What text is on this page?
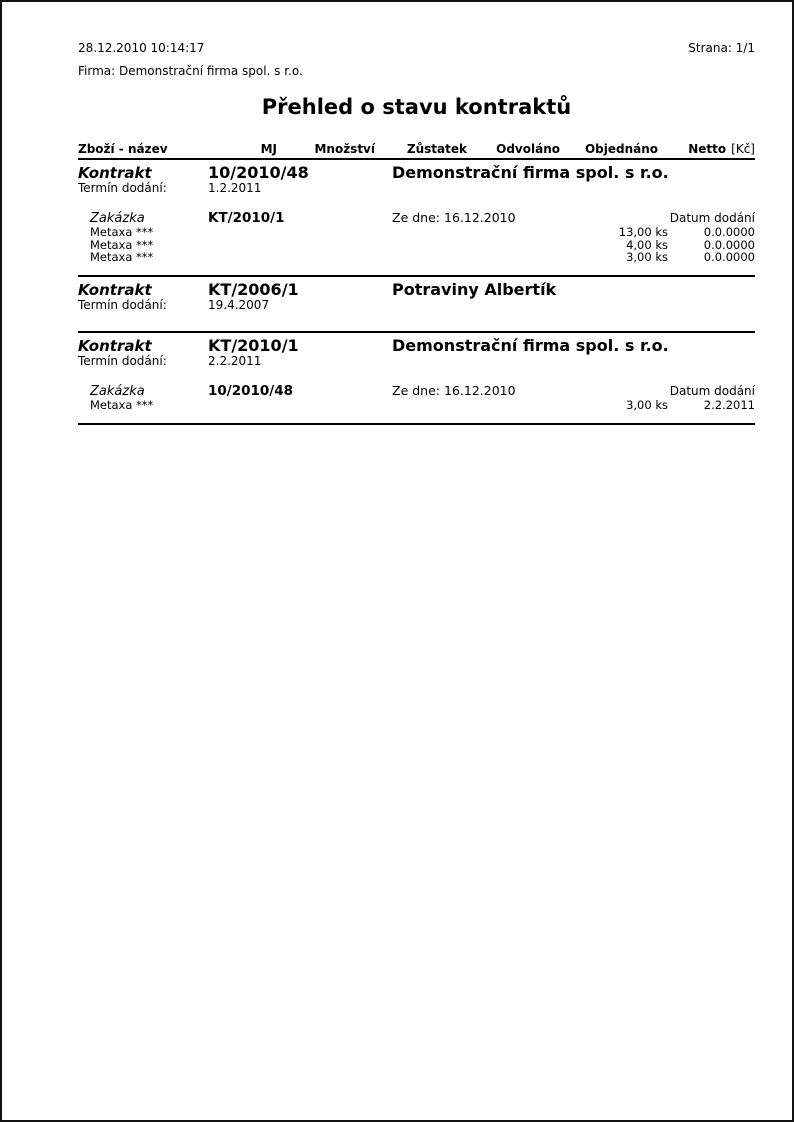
28.12.2010 10:14:17	Strana: 1/1
Firma: Demonstrační firma spol. s r.o.
Přehled o stavu kontraktů
Zboží - název	MJ	Množství	Zůstatek	Odvoláno	Objednáno	Netto [Kč]
Kontrakt	10/2010/48	Demonstrační firma spol. s r.o.
Termín dodání:	1.2.2011
Zakázka	KT/2010/1	Ze dne: 16.12.2010	Datum dodání
Metaxa ***	13,00 ks	0.0.0000
Metaxa ***	4,00 ks	0.0.0000
Metaxa ***	3,00 ks	0.0.0000
Kontrakt	KT/2006/1	Potraviny Albertík
Termín dodání:	19.4.2007
Kontrakt	KT/2010/1	Demonstrační firma spol. s r.o.
Termín dodání:	2.2.2011
Zakázka	10/2010/48	Ze dne: 16.12.2010	Datum dodání
Metaxa ***	3,00 ks	2.2.2011
